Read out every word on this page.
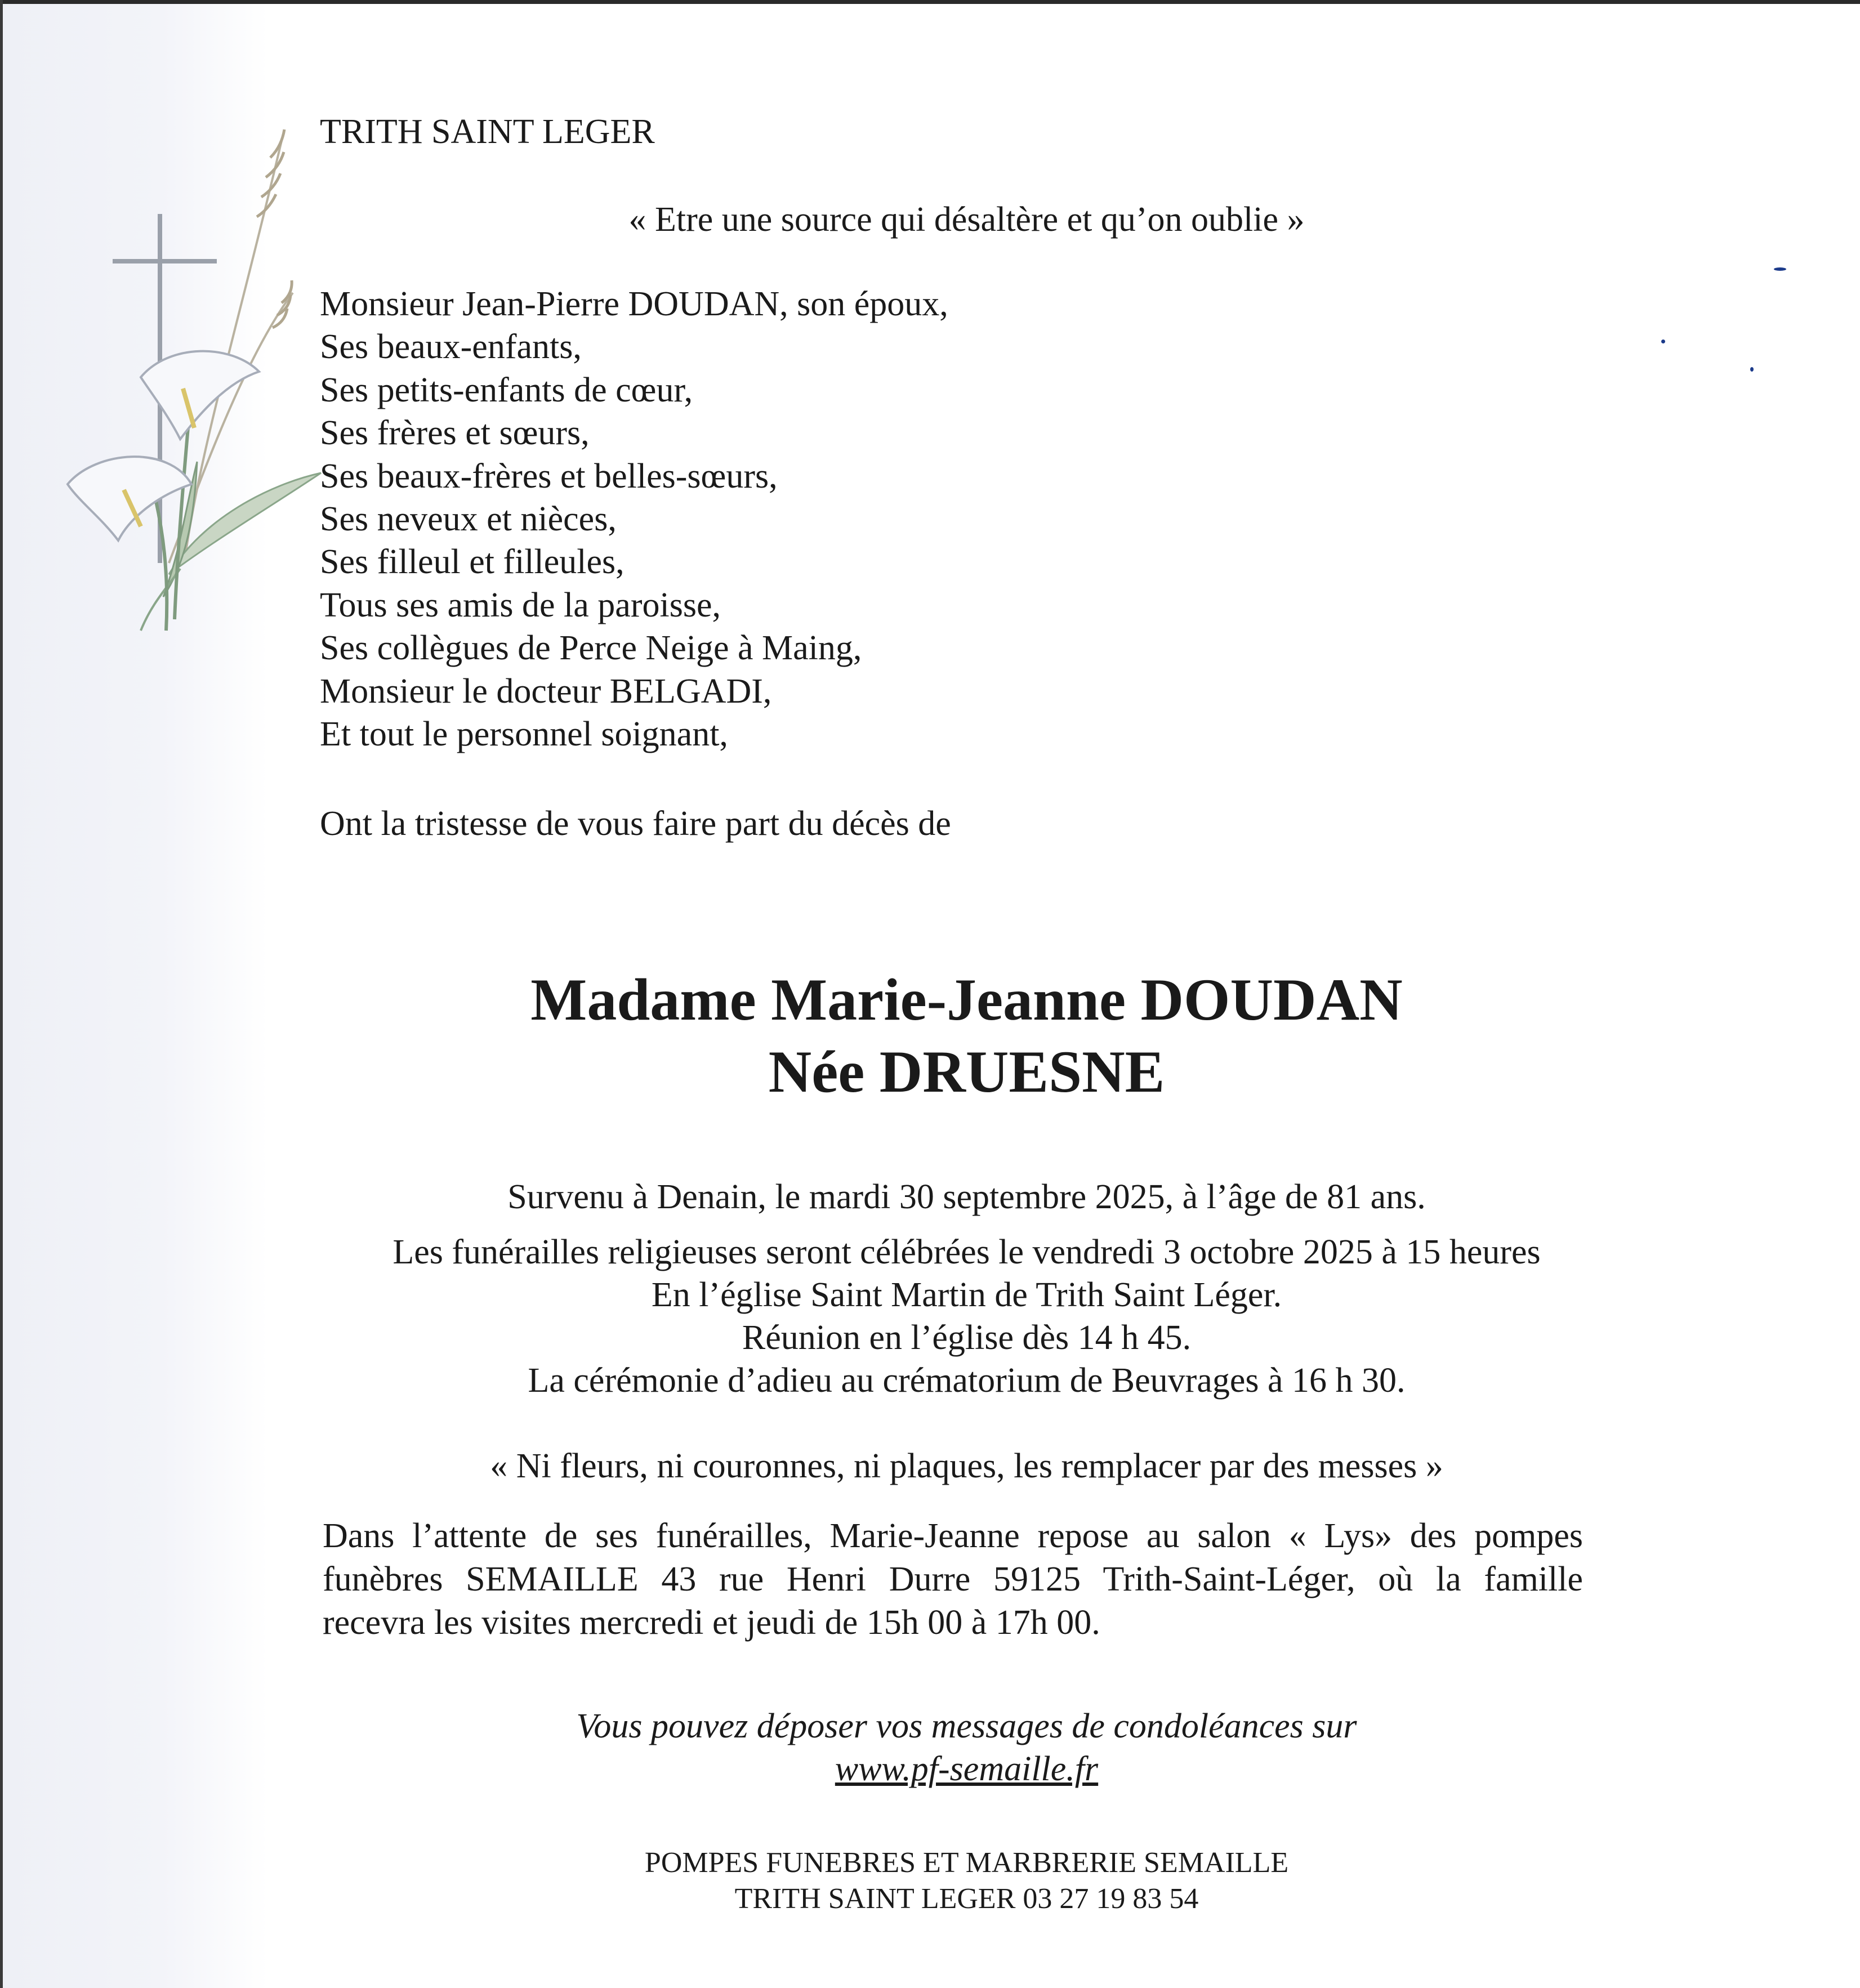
TRITH SAINT LEGER
« Etre une source qui désaltère et qu’on oublie »
Monsieur Jean-Pierre DOUDAN, son époux,
Ses beaux-enfants,
Ses petits-enfants de cœur,
Ses frères et sœurs,
Ses beaux-frères et belles-sœurs,
Ses neveux et nièces,
Ses filleul et filleules,
Tous ses amis de la paroisse,
Ses collègues de Perce Neige à Maing,
Monsieur le docteur BELGADI,
Et tout le personnel soignant,
Ont la tristesse de vous faire part du décès de
Madame Marie-Jeanne DOUDAN
Née DRUESNE
Survenu à Denain, le mardi 30 septembre 2025, à l’âge de 81 ans.
Les funérailles religieuses seront célébrées le vendredi 3 octobre 2025 à 15 heures
En l’église Saint Martin de Trith Saint Léger.
Réunion en l’église dès 14 h 45.
La cérémonie d’adieu au crématorium de Beuvrages à 16 h 30.
« Ni fleurs, ni couronnes, ni plaques, les remplacer par des messes »
Dans l’attente de ses funérailles, Marie-Jeanne repose au salon « Lys» des pompes
funèbres SEMAILLE 43 rue Henri Durre 59125 Trith-Saint-Léger, où la famille
recevra les visites mercredi et jeudi de 15h 00 à 17h 00.
Vous pouvez déposer vos messages de condoléances sur
www.pf-semaille.fr
POMPES FUNEBRES ET MARBRERIE SEMAILLE
TRITH SAINT LEGER 03 27 19 83 54
